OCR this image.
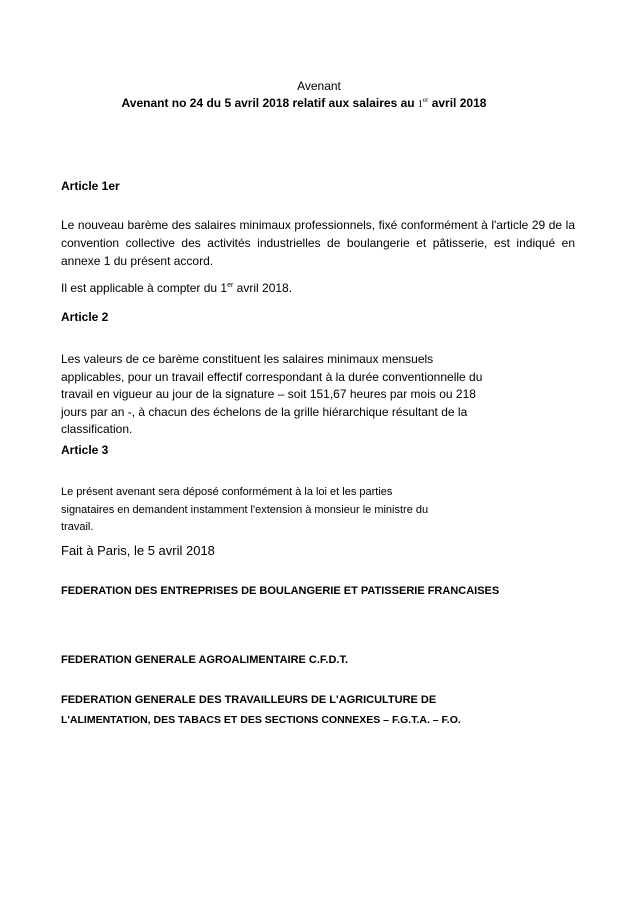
Avenant
Avenant no 24 du 5 avril 2018 relatif aux salaires au 1er avril 2018
Article 1er
Le nouveau barème des salaires minimaux professionnels, fixé conformément à l'article 29 de la convention collective des activités industrielles de boulangerie et pâtisserie, est indiqué en annexe 1 du présent accord.
Il est applicable à compter du 1er avril 2018.
Article 2
Les valeurs de ce barème constituent les salaires minimaux mensuels
applicables, pour un travail effectif correspondant à la durée conventionnelle du
travail en vigueur au jour de la signature – soit 151,67 heures par mois ou 218
jours par an -, à chacun des échelons de la grille hiérarchique résultant de la
classification.
Article 3
Le présent avenant sera déposé conformément à la loi et les parties
signataires en demandent instamment l'extension à monsieur le ministre du
travail.
Fait à Paris, le 5 avril 2018
FEDERATION DES ENTREPRISES DE BOULANGERIE ET PATISSERIE FRANCAISES
FEDERATION GENERALE AGROALIMENTAIRE C.F.D.T.
FEDERATION GENERALE DES TRAVAILLEURS DE L'AGRICULTURE DE
L'ALIMENTATION, DES TABACS ET DES SECTIONS CONNEXES – F.G.T.A. – F.O.
